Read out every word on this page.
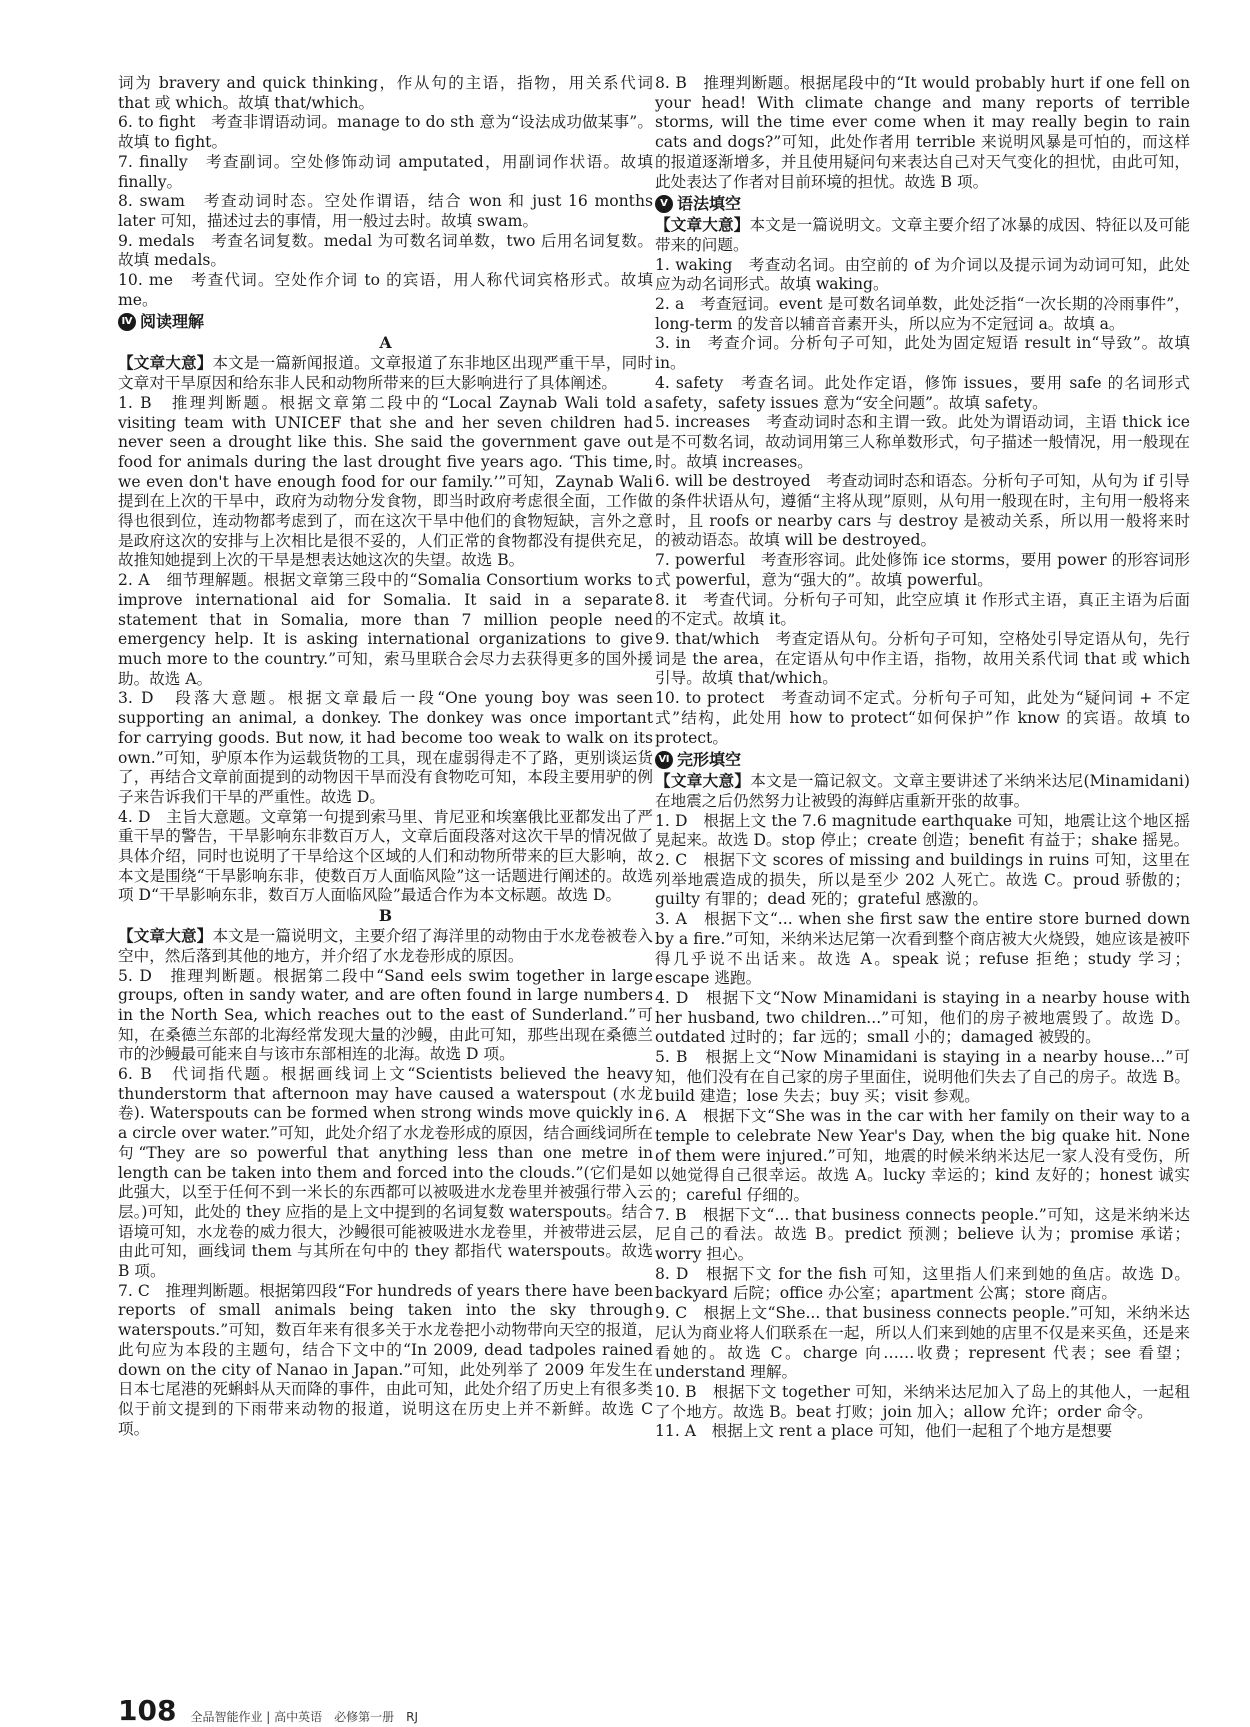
词为 bravery and quick thinking，作从句的主语，指物，用关系代词 that 或 which。故填 that/which。

6. to fight　考查非谓语动词。manage to do sth 意为“设法成功做某事”。故填 to fight。

7. finally　考查副词。空处修饰动词 amputated，用副词作状语。故填 finally。

8. swam　考查动词时态。空处作谓语，结合 won 和 just 16 months later 可知，描述过去的事情，用一般过去时。故填 swam。

9. medals　考查名词复数。medal 为可数名词单数，two 后用名词复数。故填 medals。

10. me　考查代词。空处作介词 to 的宾语，用人称代词宾格形式。故填 me。

Ⅳ 阅读理解
A

【文章大意】本文是一篇新闻报道。文章报道了东非地区出现严重干旱，同时文章对干旱原因和给东非人民和动物所带来的巨大影响进行了具体阐述。

1. B　推理判断题。根据文章第二段中的“Local Zaynab Wali told a visiting team with UNICEF that she and her seven children had never seen a drought like this. She said the government gave out food for animals during the last drought five years ago. ‘This time, we even don't have enough food for our family.’”可知，Zaynab Wali 提到在上次的干旱中，政府为动物分发食物，即当时政府考虑很全面，工作做得也很到位，连动物都考虑到了，而在这次干旱中他们的食物短缺，言外之意是政府这次的安排与上次相比是很不妥的，人们正常的食物都没有提供充足，故推知她提到上次的干旱是想表达她这次的失望。故选 B。

2. A　细节理解题。根据文章第三段中的“Somalia Consortium works to improve international aid for Somalia. It said in a separate statement that in Somalia, more than 7 million people need emergency help. It is asking international organizations to give much more to the country.”可知，索马里联合会尽力去获得更多的国外援助。故选 A。

3. D　段落大意题。根据文章最后一段“One young boy was seen supporting an animal, a donkey. The donkey was once important for carrying goods. But now, it had become too weak to walk on its own.”可知，驴原本作为运载货物的工具，现在虚弱得走不了路，更别谈运货了，再结合文章前面提到的动物因干旱而没有食物吃可知，本段主要用驴的例子来告诉我们干旱的严重性。故选 D。

4. D　主旨大意题。文章第一句提到索马里、肯尼亚和埃塞俄比亚都发出了严重干旱的警告，干旱影响东非数百万人，文章后面段落对这次干旱的情况做了具体介绍，同时也说明了干旱给这个区域的人们和动物所带来的巨大影响，故本文是围绕“干旱影响东非，使数百万人面临风险”这一话题进行阐述的。故选项 D“干旱影响东非，数百万人面临风险”最适合作为本文标题。故选 D。

B

【文章大意】本文是一篇说明文，主要介绍了海洋里的动物由于水龙卷被卷入空中，然后落到其他的地方，并介绍了水龙卷形成的原因。

5. D　推理判断题。根据第二段中“Sand eels swim together in large groups, often in sandy water, and are often found in large numbers in the North Sea, which reaches out to the east of Sunderland.”可知，在桑德兰东部的北海经常发现大量的沙鳗，由此可知，那些出现在桑德兰市的沙鳗最可能来自与该市东部相连的北海。故选 D 项。

6. B　代词指代题。根据画线词上文“Scientists believed the heavy thunderstorm that afternoon may have caused a waterspout (水龙卷). Waterspouts can be formed when strong winds move quickly in a circle over water.”可知，此处介绍了水龙卷形成的原因，结合画线词所在句“They are so powerful that anything less than one metre in length can be taken into them and forced into the clouds.”(它们是如此强大，以至于任何不到一米长的东西都可以被吸进水龙卷里并被强行带入云层。)可知，此处的 they 应指的是上文中提到的名词复数 waterspouts。结合语境可知，水龙卷的威力很大，沙鳗很可能被吸进水龙卷里，并被带进云层，由此可知，画线词 them 与其所在句中的 they 都指代 waterspouts。故选 B 项。

7. C　推理判断题。根据第四段“For hundreds of years there have been reports of small animals being taken into the sky through waterspouts.”可知，数百年来有很多关于水龙卷把小动物带向天空的报道，此句应为本段的主题句，结合下文中的“In 2009, dead tadpoles rained down on the city of Nanao in Japan.”可知，此处列举了 2009 年发生在日本七尾港的死蝌蚪从天而降的事件，由此可知，此处介绍了历史上有很多类似于前文提到的下雨带来动物的报道，说明这在历史上并不新鲜。故选 C 项。

8. B　推理判断题。根据尾段中的“It would probably hurt if one fell on your head! With climate change and many reports of terrible storms, will the time ever come when it may really begin to rain cats and dogs?”可知，此处作者用 terrible 来说明风暴是可怕的，而这样的报道逐渐增多，并且使用疑问句来表达自己对天气变化的担忧，由此可知，此处表达了作者对目前环境的担忧。故选 B 项。

Ⅴ 语法填空

【文章大意】本文是一篇说明文。文章主要介绍了冰暴的成因、特征以及可能带来的问题。

1. waking　考查动名词。由空前的 of 为介词以及提示词为动词可知，此处应为动名词形式。故填 waking。

2. a　考查冠词。event 是可数名词单数，此处泛指“一次长期的冷雨事件”，long-term 的发音以辅音音素开头，所以应为不定冠词 a。故填 a。

3. in　考查介词。分析句子可知，此处为固定短语 result in“导致”。故填 in。

4. safety　考查名词。此处作定语，修饰 issues，要用 safe 的名词形式 safety，safety issues 意为“安全问题”。故填 safety。

5. increases　考查动词时态和主谓一致。此处为谓语动词，主语 thick ice 是不可数名词，故动词用第三人称单数形式，句子描述一般情况，用一般现在时。故填 increases。

6. will be destroyed　考查动词时态和语态。分析句子可知，从句为 if 引导的条件状语从句，遵循“主将从现”原则，从句用一般现在时，主句用一般将来时，且 roofs or nearby cars 与 destroy 是被动关系，所以用一般将来时的被动语态。故填 will be destroyed。

7. powerful　考查形容词。此处修饰 ice storms，要用 power 的形容词形式 powerful，意为“强大的”。故填 powerful。

8. it　考查代词。分析句子可知，此空应填 it 作形式主语，真正主语为后面的不定式。故填 it。

9. that/which　考查定语从句。分析句子可知，空格处引导定语从句，先行词是 the area，在定语从句中作主语，指物，故用关系代词 that 或 which 引导。故填 that/which。

10. to protect　考查动词不定式。分析句子可知，此处为“疑问词 + 不定式”结构，此处用 how to protect“如何保护”作 know 的宾语。故填 to protect。

Ⅵ 完形填空

【文章大意】本文是一篇记叙文。文章主要讲述了米纳米达尼(Minamidani)在地震之后仍然努力让被毁的海鲜店重新开张的故事。

1. D　根据上文 the 7.6 magnitude earthquake 可知，地震让这个地区摇晃起来。故选 D。stop 停止；create 创造；benefit 有益于；shake 摇晃。

2. C　根据下文 scores of missing and buildings in ruins 可知，这里在列举地震造成的损失，所以是至少 202 人死亡。故选 C。proud 骄傲的；guilty 有罪的；dead 死的；grateful 感激的。

3. A　根据下文“... when she first saw the entire store burned down by a fire.”可知，米纳米达尼第一次看到整个商店被大火烧毁，她应该是被吓得几乎说不出话来。故选 A。speak 说；refuse 拒绝；study 学习；escape 逃跑。

4. D　根据下文“Now Minamidani is staying in a nearby house with her husband, two children...”可知，他们的房子被地震毁了。故选 D。outdated 过时的；far 远的；small 小的；damaged 被毁的。

5. B　根据上文“Now Minamidani is staying in a nearby house...”可知，他们没有在自己家的房子里面住，说明他们失去了自己的房子。故选 B。build 建造；lose 失去；buy 买；visit 参观。

6. A　根据下文“She was in the car with her family on their way to a temple to celebrate New Year's Day, when the big quake hit. None of them were injured.”可知，地震的时候米纳米达尼一家人没有受伤，所以她觉得自己很幸运。故选 A。lucky 幸运的；kind 友好的；honest 诚实的；careful 仔细的。

7. B　根据下文“... that business connects people.”可知，这是米纳米达尼自己的看法。故选 B。predict 预测；believe 认为；promise 承诺；worry 担心。

8. D　根据下文 for the fish 可知，这里指人们来到她的鱼店。故选 D。backyard 后院；office 办公室；apartment 公寓；store 商店。

9. C　根据上文“She... that business connects people.”可知，米纳米达尼认为商业将人们联系在一起，所以人们来到她的店里不仅是来买鱼，还是来看她的。故选 C。charge 向……收费；represent 代表；see 看望；understand 理解。

10. B　根据下文 together 可知，米纳米达尼加入了岛上的其他人，一起租了个地方。故选 B。beat 打败；join 加入；allow 允许；order 命令。

11. A　根据上文 rent a place 可知，他们一起租了个地方是想要

108 全品智能作业 | 高中英语　必修第一册　RJ
